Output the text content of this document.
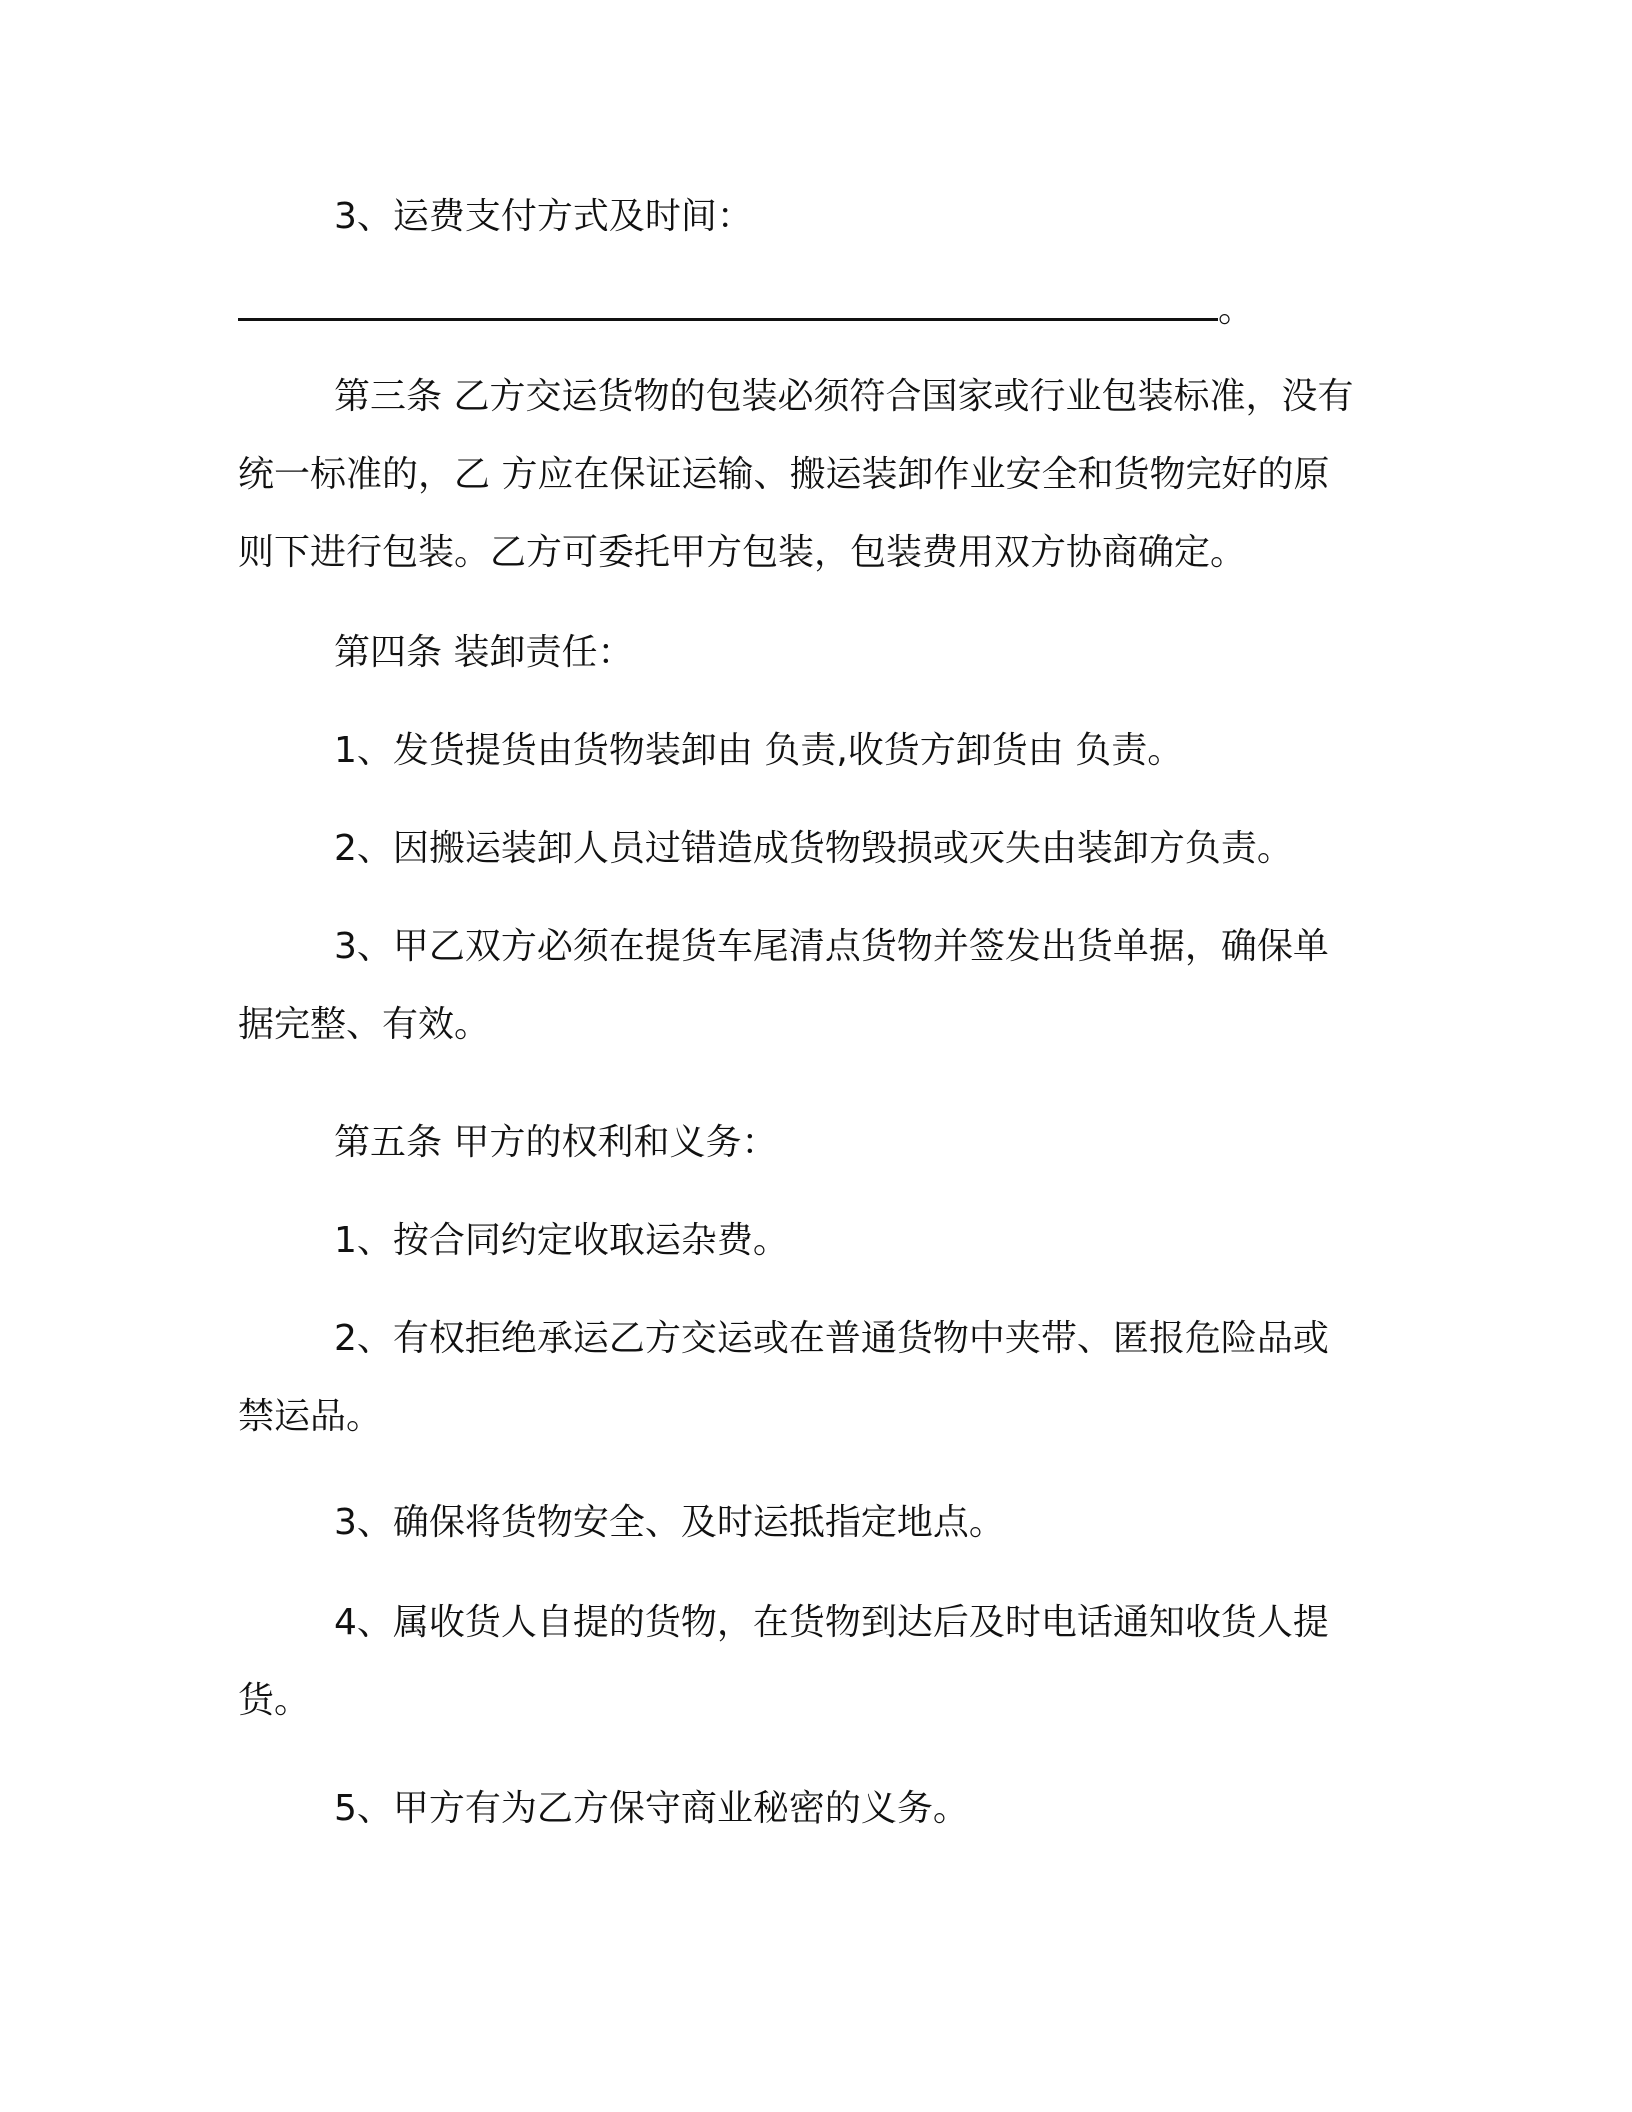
3、运费支付方式及时间：

。

第三条 乙方交运货物的包装必须符合国家或行业包装标准，没有
统一标准的，乙 方应在保证运输、搬运装卸作业安全和货物完好的原
则下进行包装。乙方可委托甲方包装，包装费用双方协商确定。

第四条 装卸责任：

1、发货提货由货物装卸由 负责,收货方卸货由 负责。

2、因搬运装卸人员过错造成货物毁损或灭失由装卸方负责。

3、甲乙双方必须在提货车尾清点货物并签发出货单据，确保单
据完整、有效。

第五条 甲方的权利和义务：

1、按合同约定收取运杂费。

2、有权拒绝承运乙方交运或在普通货物中夹带、匿报危险品或
禁运品。

3、确保将货物安全、及时运抵指定地点。

4、属收货人自提的货物，在货物到达后及时电话通知收货人提
货。

5、甲方有为乙方保守商业秘密的义务。
